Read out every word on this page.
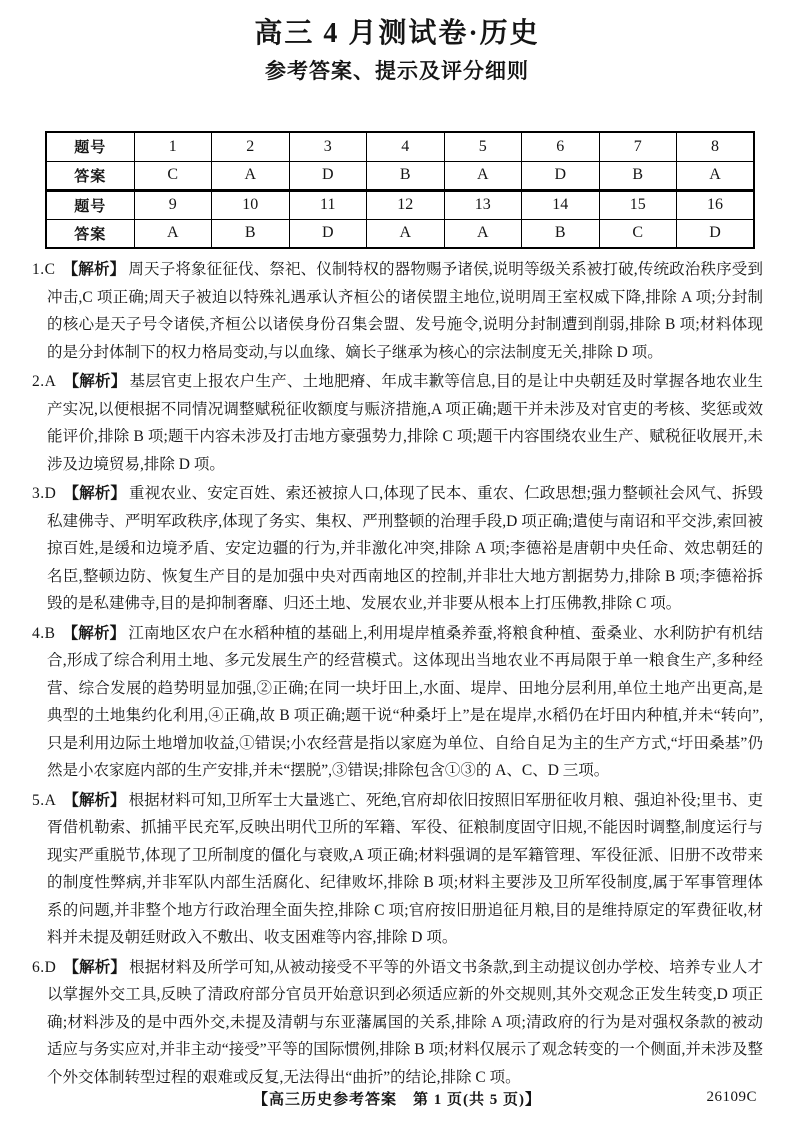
高三 4 月测试卷·历史
参考答案、提示及评分细则
题号	1	2	3	4	5	6	7	8
答案	C	A	D	B	A	D	B	A
题号	9	10	11	12	13	14	15	16
答案	A	B	D	A	A	B	C	D

1.C 【解析】 周天子将象征征伐、祭祀、仪制特权的器物赐予诸侯,说明等级关系被打破,传统政治秩序受到冲击,C 项正确;周天子被迫以特殊礼遇承认齐桓公的诸侯盟主地位,说明周王室权威下降,排除 A 项;分封制的核心是天子号令诸侯,齐桓公以诸侯身份召集会盟、发号施令,说明分封制遭到削弱,排除 B 项;材料体现的是分封体制下的权力格局变动,与以血缘、嫡长子继承为核心的宗法制度无关,排除 D 项。

2.A 【解析】 基层官吏上报农户生产、土地肥瘠、年成丰歉等信息,目的是让中央朝廷及时掌握各地农业生产实况,以便根据不同情况调整赋税征收额度与赈济措施,A 项正确;题干并未涉及对官吏的考核、奖惩或效能评价,排除 B 项;题干内容未涉及打击地方豪强势力,排除 C 项;题干内容围绕农业生产、赋税征收展开,未涉及边境贸易,排除 D 项。

3.D 【解析】 重视农业、安定百姓、索还被掠人口,体现了民本、重农、仁政思想;强力整顿社会风气、拆毁私建佛寺、严明军政秩序,体现了务实、集权、严刑整顿的治理手段,D 项正确;遣使与南诏和平交涉,索回被掠百姓,是缓和边境矛盾、安定边疆的行为,并非激化冲突,排除 A 项;李德裕是唐朝中央任命、效忠朝廷的名臣,整顿边防、恢复生产目的是加强中央对西南地区的控制,并非壮大地方割据势力,排除 B 项;李德裕拆毁的是私建佛寺,目的是抑制奢靡、归还土地、发展农业,并非要从根本上打压佛教,排除 C 项。

4.B 【解析】 江南地区农户在水稻种植的基础上,利用堤岸植桑养蚕,将粮食种植、蚕桑业、水利防护有机结合,形成了综合利用土地、多元发展生产的经营模式。这体现出当地农业不再局限于单一粮食生产,多种经营、综合发展的趋势明显加强,②正确;在同一块圩田上,水面、堤岸、田地分层利用,单位土地产出更高,是典型的土地集约化利用,④正确,故 B 项正确;题干说“种桑圩上”是在堤岸,水稻仍在圩田内种植,并未“转向”,只是利用边际土地增加收益,①错误;小农经营是指以家庭为单位、自给自足为主的生产方式,“圩田桑基”仍然是小农家庭内部的生产安排,并未“摆脱”,③错误;排除包含①③的 A、C、D 三项。

5.A 【解析】 根据材料可知,卫所军士大量逃亡、死绝,官府却依旧按照旧军册征收月粮、强迫补役;里书、吏胥借机勒索、抓捕平民充军,反映出明代卫所的军籍、军役、征粮制度固守旧规,不能因时调整,制度运行与现实严重脱节,体现了卫所制度的僵化与衰败,A 项正确;材料强调的是军籍管理、军役征派、旧册不改带来的制度性弊病,并非军队内部生活腐化、纪律败坏,排除 B 项;材料主要涉及卫所军役制度,属于军事管理体系的问题,并非整个地方行政治理全面失控,排除 C 项;官府按旧册追征月粮,目的是维持原定的军费征收,材料并未提及朝廷财政入不敷出、收支困难等内容,排除 D 项。

6.D 【解析】 根据材料及所学可知,从被动接受不平等的外语文书条款,到主动提议创办学校、培养专业人才以掌握外交工具,反映了清政府部分官员开始意识到必须适应新的外交规则,其外交观念正发生转变,D 项正确;材料涉及的是中西外交,未提及清朝与东亚藩属国的关系,排除 A 项;清政府的行为是对强权条款的被动适应与务实应对,并非主动“接受”平等的国际惯例,排除 B 项;材料仅展示了观念转变的一个侧面,并未涉及整个外交体制转型过程的艰难或反复,无法得出“曲折”的结论,排除 C 项。

【高三历史参考答案　第 1 页(共 5 页)】	26109C
